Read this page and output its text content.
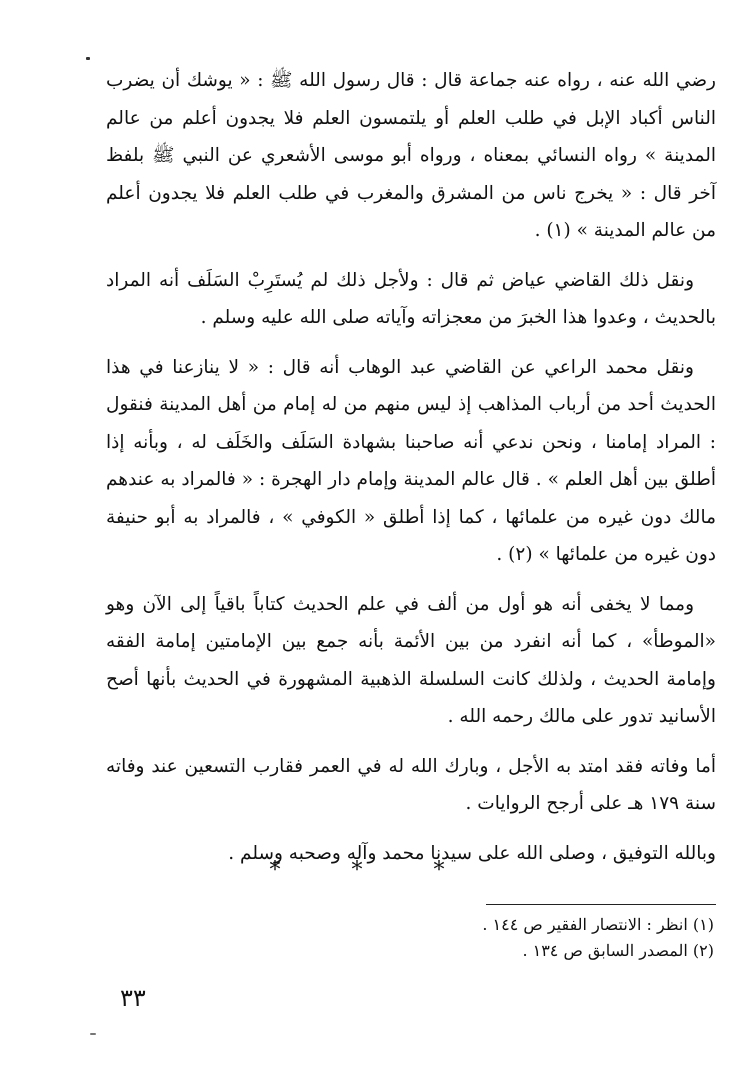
رضي الله عنه ، رواه عنه جماعة قال : قال رسول الله ﷺ : « يوشك أن يضرب الناس أكباد الإبل في طلب العلم أو يلتمسون العلم فلا يجدون أعلم من عالم المدينة » رواه النسائي بمعناه ، ورواه أبو موسى الأشعري عن النبي ﷺ بلفظ آخر قال : « يخرج ناس من المشرق والمغرب في طلب العلم فلا يجدون أعلم من عالم المدينة » (١) .

ونقل ذلك القاضي عياض ثم قال : ولأجل ذلك لم يُستَرِبْ السَلَف أنه المراد بالحديث ، وعدوا هذا الخبرَ من معجزاته وآياته صلى الله عليه وسلم .

ونقل محمد الراعي عن القاضي عبد الوهاب أنه قال : « لا ينازعنا في هذا الحديث أحد من أرباب المذاهب إذ ليس منهم من له إمام من أهل المدينة فنقول : المراد إمامنا ، ونحن ندعي أنه صاحبنا بشهادة السَلَف والخَلَف له ، وبأنه إذا أطلق بين أهل العلم » . قال عالم المدينة وإمام دار الهجرة : « فالمراد به عندهم مالك دون غيره من علمائها ، كما إذا أطلق « الكوفي » ، فالمراد به أبو حنيفة دون غيره من علمائها » (٢) .

ومما لا يخفى أنه هو أول من ألف في علم الحديث كتاباً باقياً إلى الآن وهو «الموطأ» ، كما أنه انفرد من بين الأئمة بأنه جمع بين الإمامتين إمامة الفقه وإمامة الحديث ، ولذلك كانت السلسلة الذهبية المشهورة في الحديث بأنها أصح الأسانيد تدور على مالك رحمه الله .

أما وفاته فقد امتد به الأجل ، وبارك الله له في العمر فقارب التسعين عند وفاته سنة ١٧٩ هـ على أرجح الروايات .

وبالله التوفيق ، وصلى الله على سيدنا محمد وآله وصحبه وسلم .

* * *

(١) انظر : الانتصار الفقير ص ١٤٤ .

(٢) المصدر السابق ص ١٣٤ .

٣٣
